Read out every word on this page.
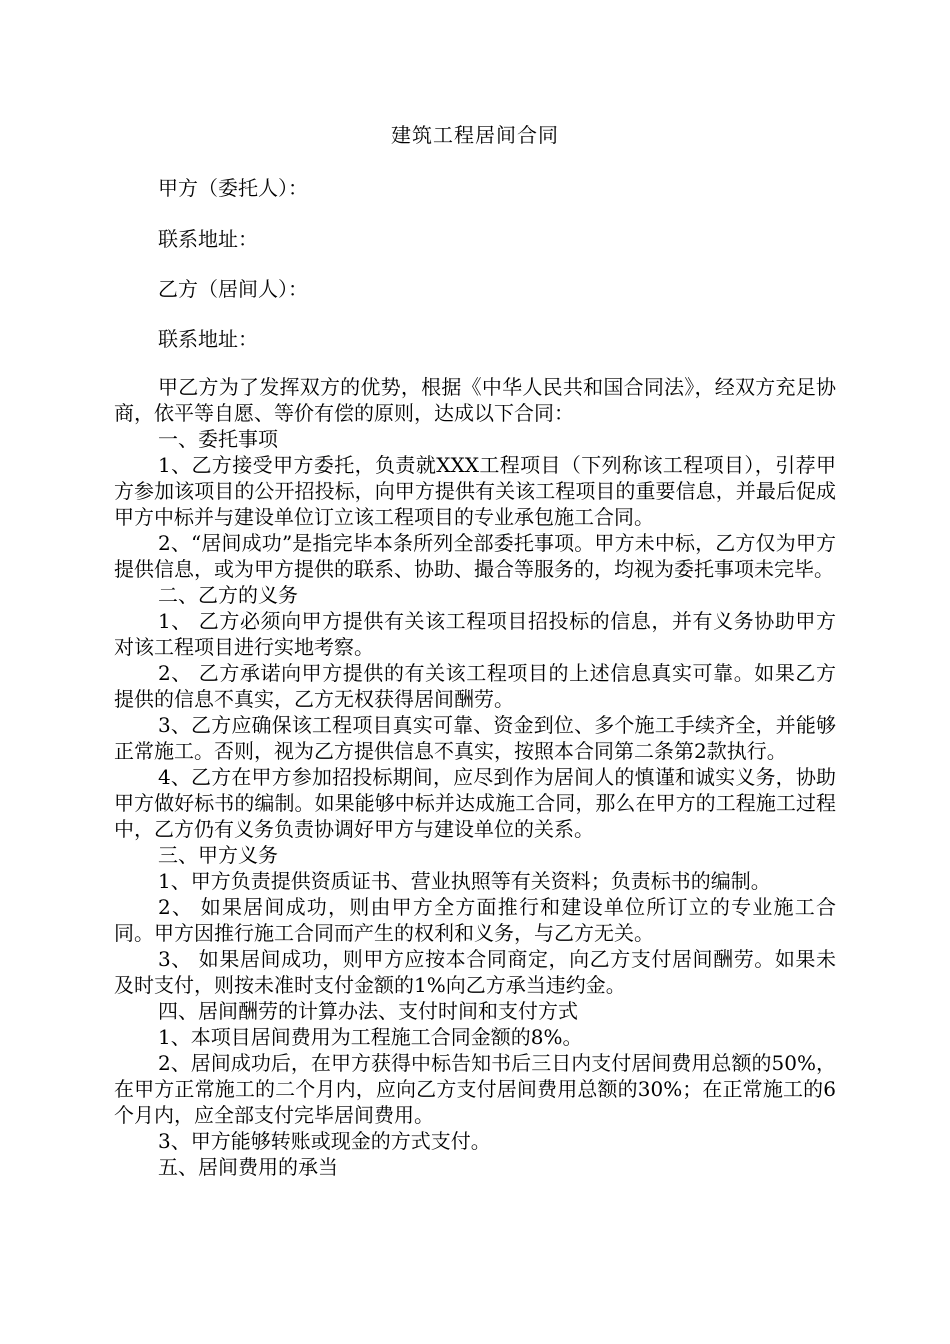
建筑工程居间合同
甲方（委托人）：
联系地址：
乙方（居间人）：
联系地址：

甲乙方为了发挥双方的优势，根据《中华人民共和国合同法》，经双方充足协商，依平等自愿、等价有偿的原则，达成以下合同：

一、委托事项

1、乙方接受甲方委托，负责就XXX工程项目（下列称该工程项目），引荐甲方参加该项目的公开招投标，向甲方提供有关该工程项目的重要信息，并最后促成甲方中标并与建设单位订立该工程项目的专业承包施工合同。

2、“居间成功”是指完毕本条所列全部委托事项。甲方未中标，乙方仅为甲方提供信息，或为甲方提供的联系、协助、撮合等服务的，均视为委托事项未完毕。

二、乙方的义务

1、 乙方必须向甲方提供有关该工程项目招投标的信息，并有义务协助甲方对该工程项目进行实地考察。

2、 乙方承诺向甲方提供的有关该工程项目的上述信息真实可靠。如果乙方提供的信息不真实，乙方无权获得居间酬劳。

3、乙方应确保该工程项目真实可靠、资金到位、多个施工手续齐全，并能够正常施工。否则，视为乙方提供信息不真实，按照本合同第二条第2款执行。

4、乙方在甲方参加招投标期间，应尽到作为居间人的慎谨和诚实义务，协助甲方做好标书的编制。如果能够中标并达成施工合同，那么在甲方的工程施工过程中，乙方仍有义务负责协调好甲方与建设单位的关系。

三、甲方义务

1、甲方负责提供资质证书、营业执照等有关资料；负责标书的编制。

2、 如果居间成功，则由甲方全方面推行和建设单位所订立的专业施工合同。甲方因推行施工合同而产生的权利和义务，与乙方无关。

3、 如果居间成功，则甲方应按本合同商定，向乙方支付居间酬劳。如果未及时支付，则按未准时支付金额的1%向乙方承当违约金。

四、居间酬劳的计算办法、支付时间和支付方式

1、本项目居间费用为工程施工合同金额的8%。

2、居间成功后，在甲方获得中标告知书后三日内支付居间费用总额的50%，在甲方正常施工的二个月内，应向乙方支付居间费用总额的30%；在正常施工的6个月内，应全部支付完毕居间费用。

3、甲方能够转账或现金的方式支付。

五、居间费用的承当
